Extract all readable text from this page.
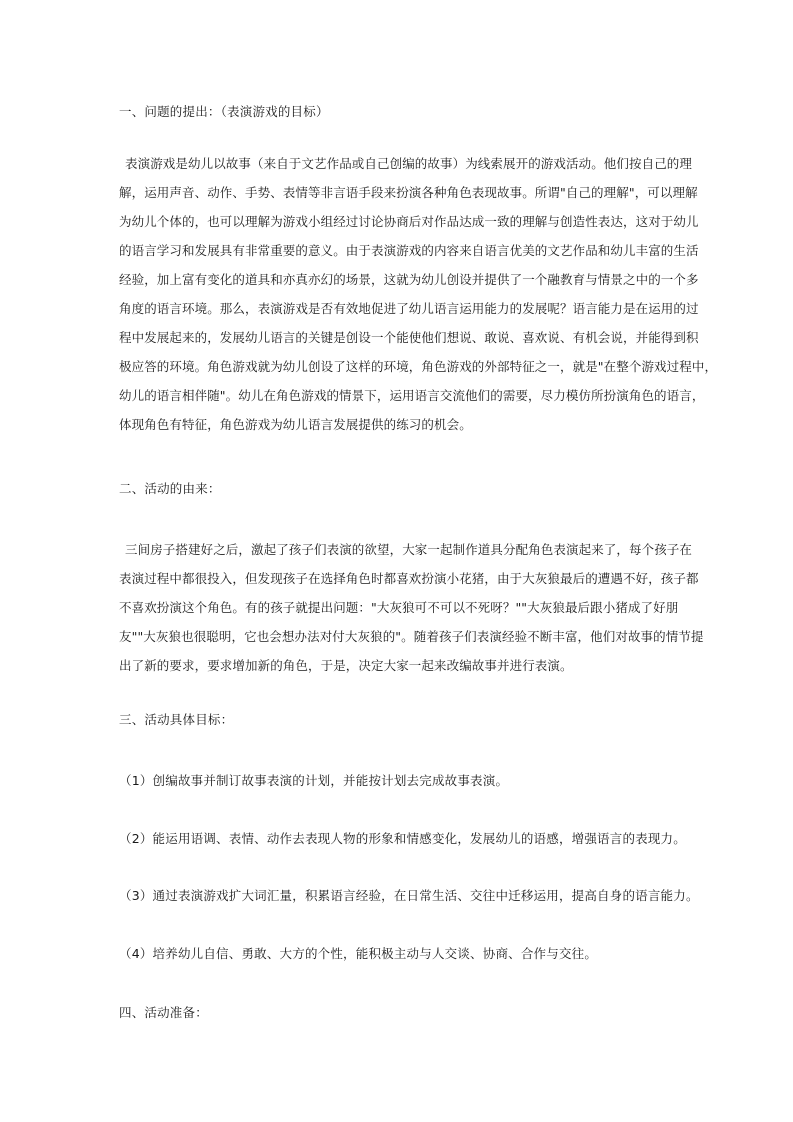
一、问题的提出：（表演游戏的目标）
表演游戏是幼儿以故事（来自于文艺作品或自己创编的故事）为线索展开的游戏活动。他们按自己的理
解，运用声音、动作、手势、表情等非言语手段来扮演各种角色表现故事。所谓"自己的理解"，可以理解
为幼儿个体的，也可以理解为游戏小组经过讨论协商后对作品达成一致的理解与创造性表达，这对于幼儿
的语言学习和发展具有非常重要的意义。由于表演游戏的内容来自语言优美的文艺作品和幼儿丰富的生活
经验，加上富有变化的道具和亦真亦幻的场景，这就为幼儿创设并提供了一个融教育与情景之中的一个多
角度的语言环境。那么，表演游戏是否有效地促进了幼儿语言运用能力的发展呢？语言能力是在运用的过
程中发展起来的，发展幼儿语言的关键是创设一个能使他们想说、敢说、喜欢说、有机会说，并能得到积
极应答的环境。角色游戏就为幼儿创设了这样的环境，角色游戏的外部特征之一，就是"在整个游戏过程中，
幼儿的语言相伴随"。幼儿在角色游戏的情景下，运用语言交流他们的需要，尽力模仿所扮演角色的语言，
体现角色有特征，角色游戏为幼儿语言发展提供的练习的机会。
二、活动的由来：
三间房子搭建好之后，激起了孩子们表演的欲望，大家一起制作道具分配角色表演起来了，每个孩子在
表演过程中都很投入，但发现孩子在选择角色时都喜欢扮演小花猪，由于大灰狼最后的遭遇不好，孩子都
不喜欢扮演这个角色。有的孩子就提出问题："大灰狼可不可以不死呀？""大灰狼最后跟小猪成了好朋
友""大灰狼也很聪明，它也会想办法对付大灰狼的"。随着孩子们表演经验不断丰富，他们对故事的情节提
出了新的要求，要求增加新的角色，于是，决定大家一起来改编故事并进行表演。
三、活动具体目标：
（1）创编故事并制订故事表演的计划，并能按计划去完成故事表演。
（2）能运用语调、表情、动作去表现人物的形象和情感变化，发展幼儿的语感，增强语言的表现力。
（3）通过表演游戏扩大词汇量，积累语言经验，在日常生活、交往中迁移运用，提高自身的语言能力。
（4）培养幼儿自信、勇敢、大方的个性，能积极主动与人交谈、协商、合作与交往。
四、活动准备：
